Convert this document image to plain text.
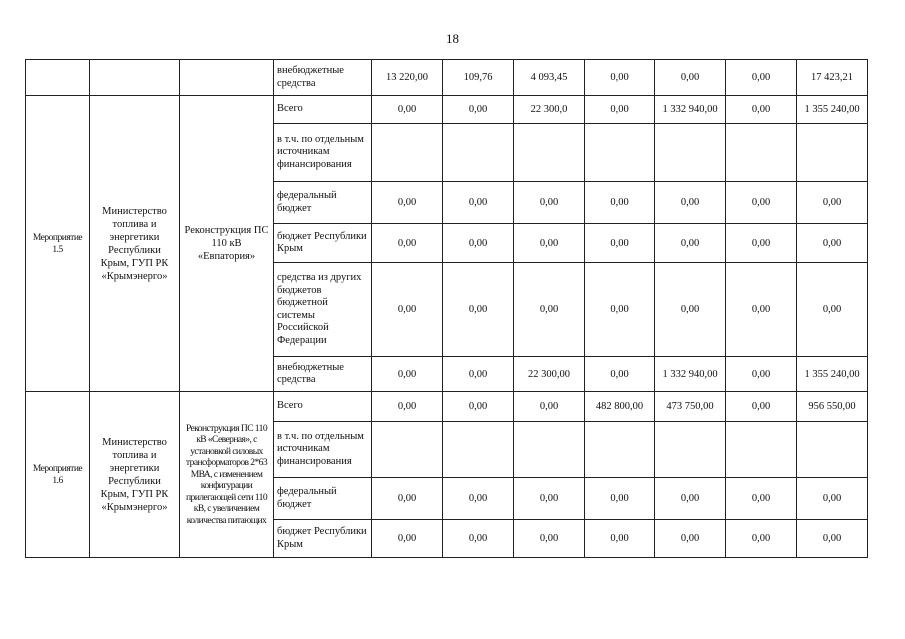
18
			внебюджетные средства	13 220,00	109,76	4 093,45	0,00	0,00	0,00	17 423,21
Мероприятие 1.5	Министерство топлива и энергетики Республики Крым, ГУП РК «Крымэнерго»	Реконструкция ПС 110 кВ «Евпатория»	Всего	0,00	0,00	22 300,0	0,00	1 332 940,00	0,00	1 355 240,00
			в т.ч. по отдельным источникам финансирования							
			федеральный бюджет	0,00	0,00	0,00	0,00	0,00	0,00	0,00
			бюджет Республики Крым	0,00	0,00	0,00	0,00	0,00	0,00	0,00
			средства из других бюджетов бюджетной системы Российской Федерации	0,00	0,00	0,00	0,00	0,00	0,00	0,00
			внебюджетные средства	0,00	0,00	22 300,00	0,00	1 332 940,00	0,00	1 355 240,00
Мероприятие 1.6	Министерство топлива и энергетики Республики Крым, ГУП РК «Крымэнерго»	Реконструкция ПС 110 кВ «Северная», с установкой силовых трансформаторов 2*63 МВА, с изменением конфигурации прилегающей сети 110 кВ, с увеличением количества питающих	Всего	0,00	0,00	0,00	482 800,00	473 750,00	0,00	956 550,00
			в т.ч. по отдельным источникам финансирования							
			федеральный бюджет	0,00	0,00	0,00	0,00	0,00	0,00	0,00
			бюджет Республики Крым	0,00	0,00	0,00	0,00	0,00	0,00	0,00
